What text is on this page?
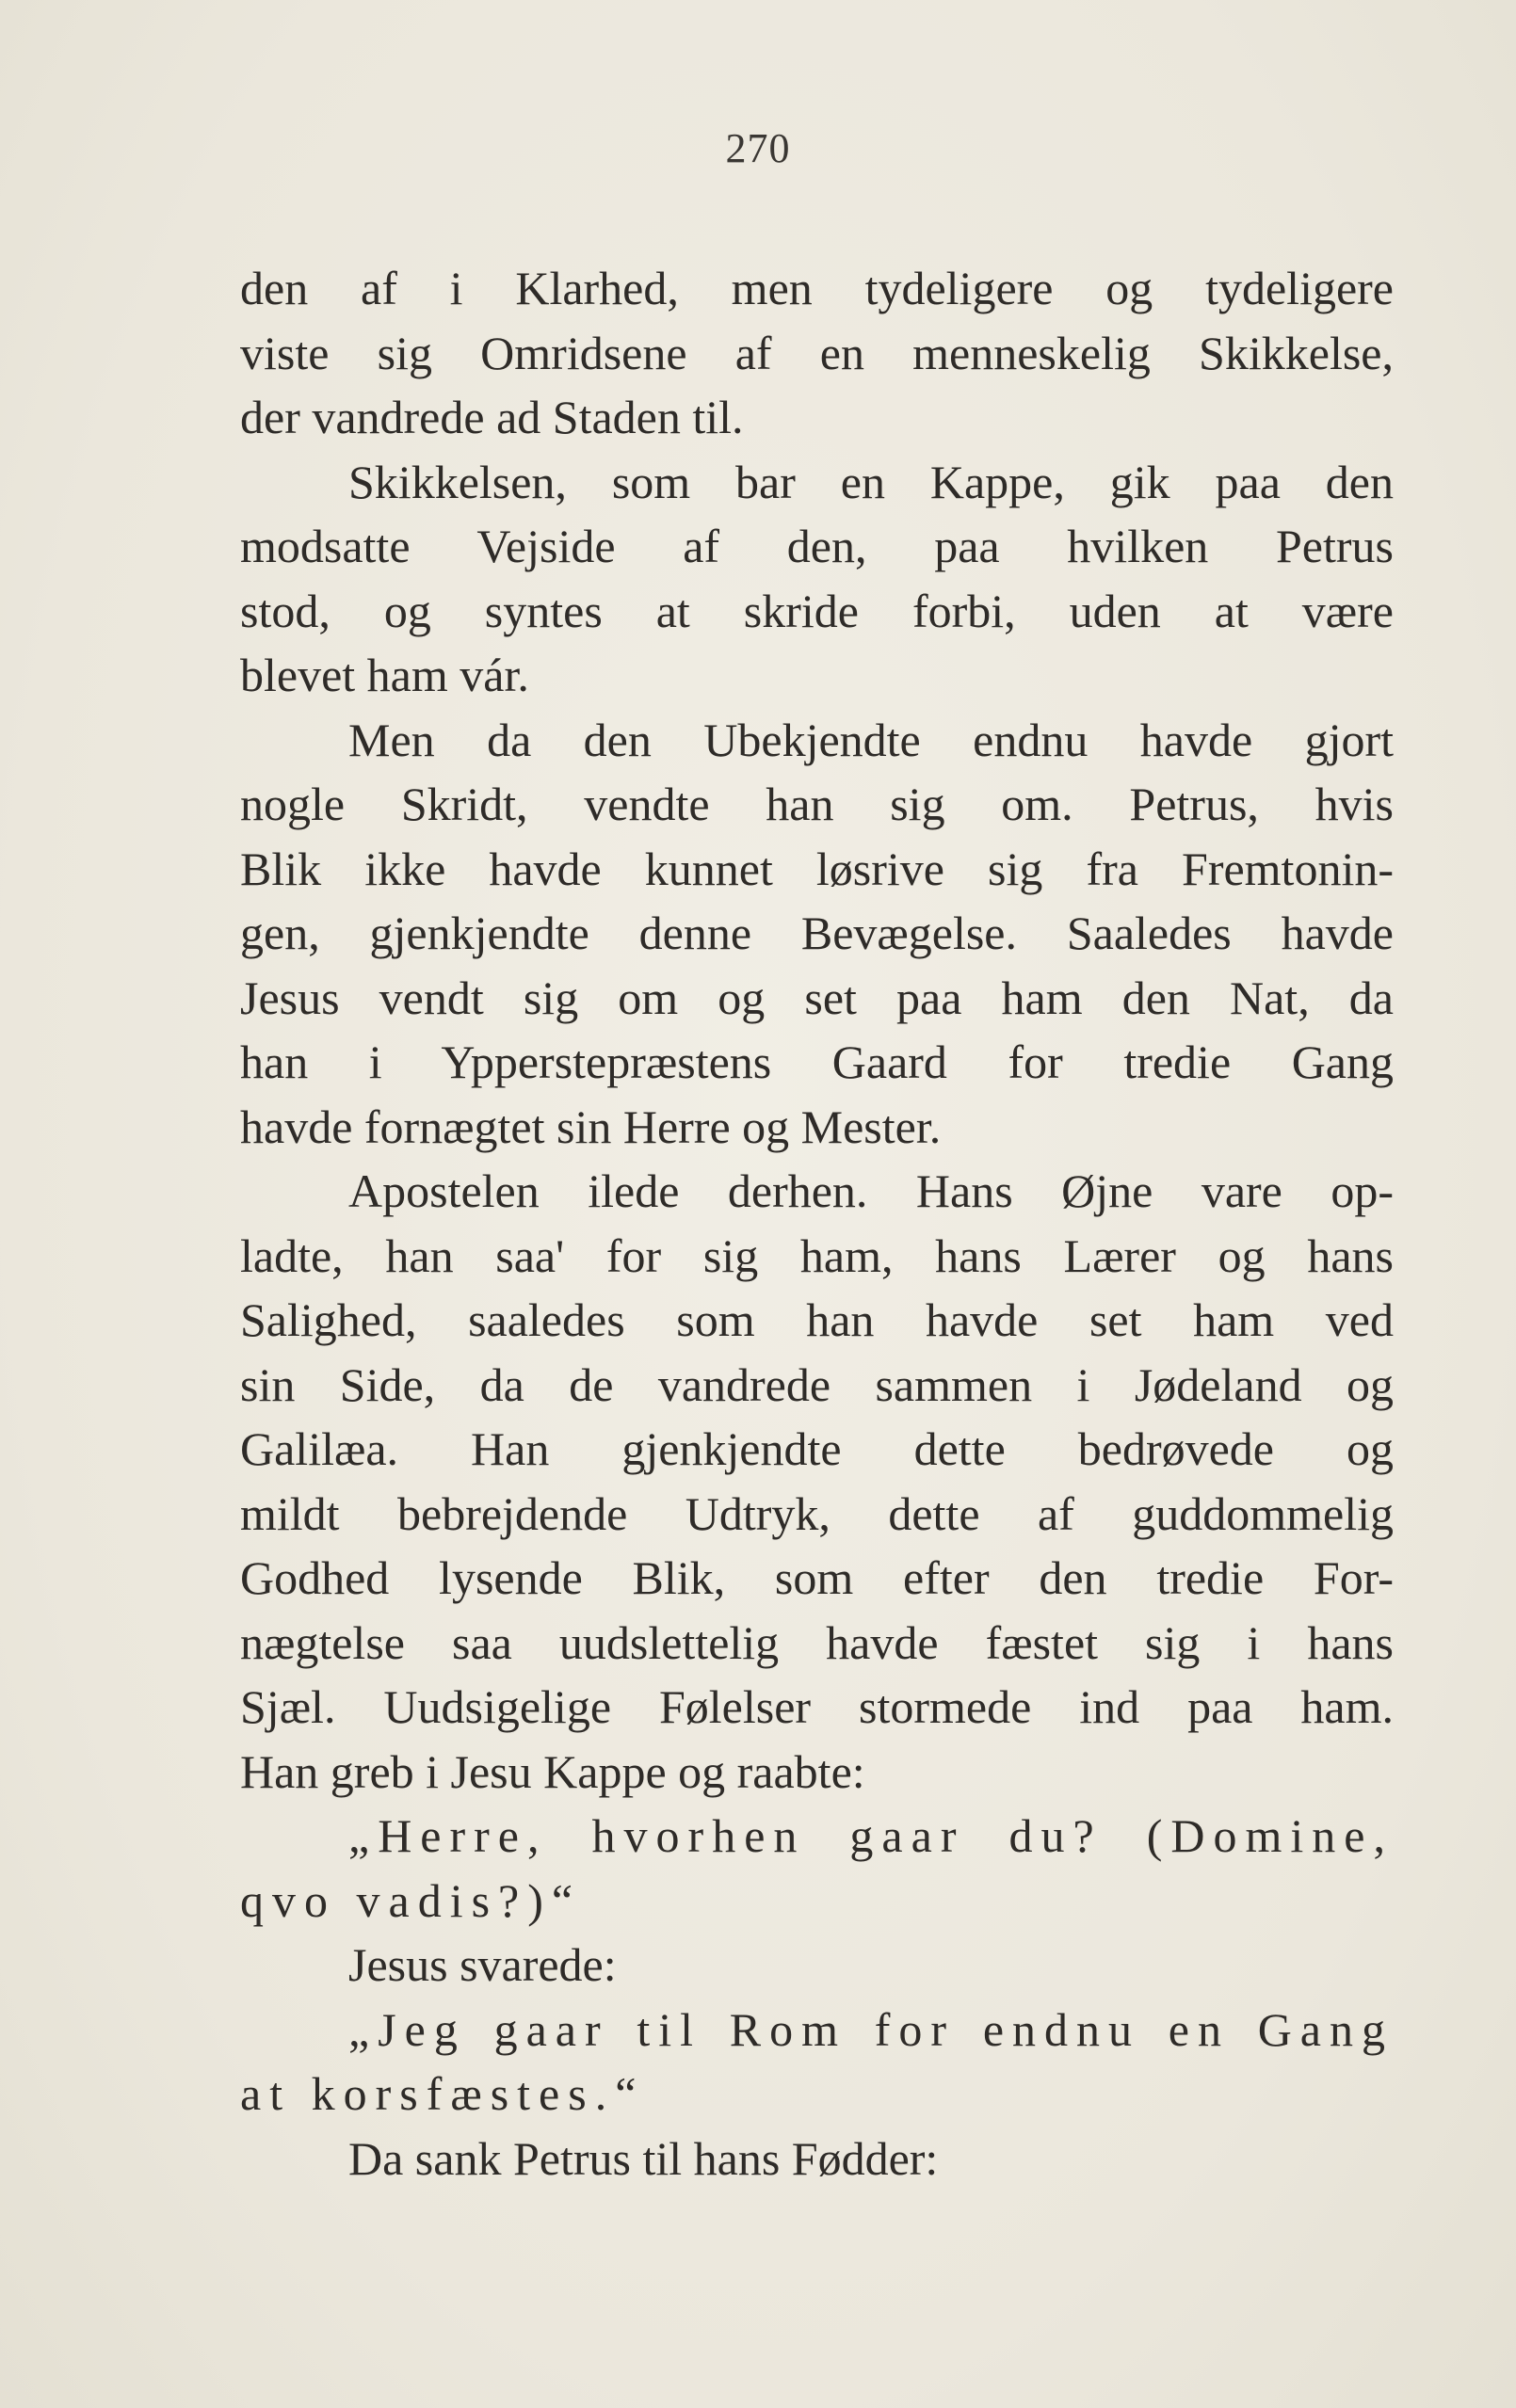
270
den af i Klarhed, men tydeligere og tydeligere
viste sig Omridsene af en menneskelig Skikkelse,
der vandrede ad Staden til.
Skikkelsen, som bar en Kappe, gik paa den
modsatte Vejside af den, paa hvilken Petrus
stod, og syntes at skride forbi, uden at være
blevet ham vár.
Men da den Ubekjendte endnu havde gjort
nogle Skridt, vendte han sig om. Petrus, hvis
Blik ikke havde kunnet løsrive sig fra Fremtonin-
gen, gjenkjendte denne Bevægelse. Saaledes havde
Jesus vendt sig om og set paa ham den Nat, da
han i Ypperstepræstens Gaard for tredie Gang
havde fornægtet sin Herre og Mester.
Apostelen ilede derhen. Hans Øjne vare op-
ladte, han saa' for sig ham, hans Lærer og hans
Salighed, saaledes som han havde set ham ved
sin Side, da de vandrede sammen i Jødeland og
Galilæa. Han gjenkjendte dette bedrøvede og
mildt bebrejdende Udtryk, dette af guddommelig
Godhed lysende Blik, som efter den tredie For-
nægtelse saa uudslettelig havde fæstet sig i hans
Sjæl. Uudsigelige Følelser stormede ind paa ham.
Han greb i Jesu Kappe og raabte:
„Herre, hvorhen gaar du? (Domine,
qvo vadis?)“
Jesus svarede:
„Jeg gaar til Rom for endnu en Gang
at korsfæstes.“
Da sank Petrus til hans Fødder:
